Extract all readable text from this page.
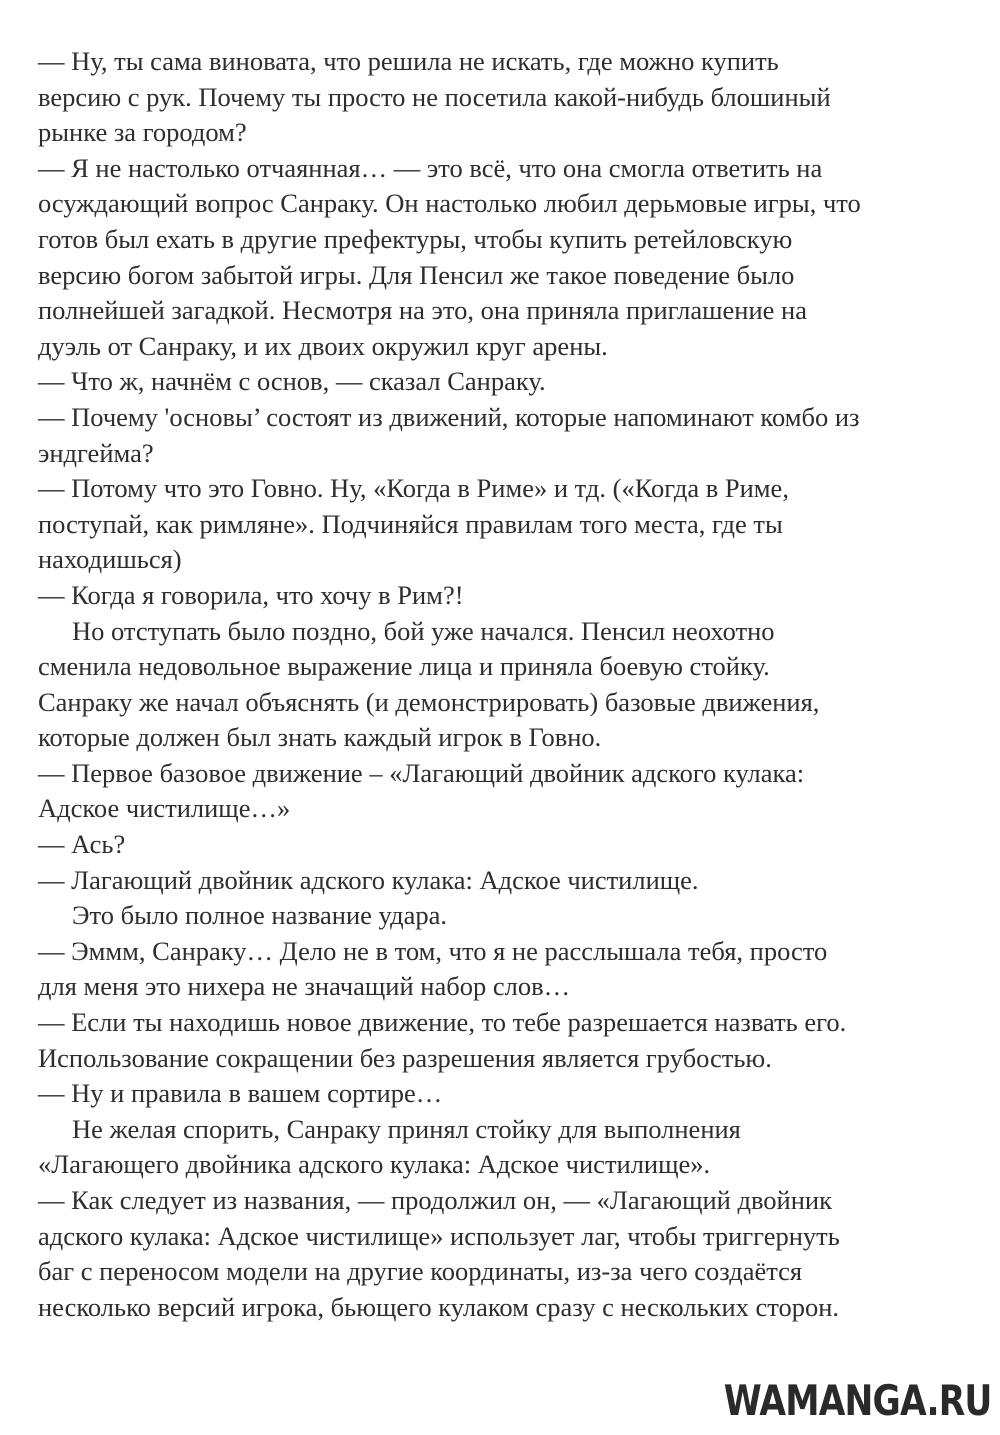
— Ну, ты сама виновата, что решила не искать, где можно купить
версию с рук. Почему ты просто не посетила какой-нибудь блошиный
рынке за городом?
— Я не настолько отчаянная… — это всё, что она смогла ответить на
осуждающий вопрос Санраку. Он настолько любил дерьмовые игры, что
готов был ехать в другие префектуры, чтобы купить ретейловскую
версию богом забытой игры. Для Пенсил же такое поведение было
полнейшей загадкой. Несмотря на это, она приняла приглашение на
дуэль от Санраку, и их двоих окружил круг арены.
— Что ж, начнём с основ, — сказал Санраку.
— Почему 'основы’ состоят из движений, которые напоминают комбо из
эндгейма?
— Потому что это Говно. Ну, «Когда в Риме» и тд. («Когда в Риме,
поступай, как римляне». Подчиняйся правилам того места, где ты
находишься)
— Когда я говорила, что хочу в Рим?!
Но отступать было поздно, бой уже начался. Пенсил неохотно
сменила недовольное выражение лица и приняла боевую стойку.
Санраку же начал объяснять (и демонстрировать) базовые движения,
которые должен был знать каждый игрок в Говно.
— Первое базовое движение – «Лагающий двойник адского кулака:
Адское чистилище…»
— Ась?
— Лагающий двойник адского кулака: Адское чистилище.
Это было полное название удара.
— Эммм, Санраку… Дело не в том, что я не расслышала тебя, просто
для меня это нихера не значащий набор слов…
— Если ты находишь новое движение, то тебе разрешается назвать его.
Использование сокращении без разрешения является грубостью.
— Ну и правила в вашем сортире…
Не желая спорить, Санраку принял стойку для выполнения
«Лагающего двойника адского кулака: Адское чистилище».
— Как следует из названия, — продолжил он, — «Лагающий двойник
адского кулака: Адское чистилище» использует лаг, чтобы триггернуть
баг с переносом модели на другие координаты, из-за чего создаётся
несколько версий игрока, бьющего кулаком сразу с нескольких сторон.
WAMANGA.RU
